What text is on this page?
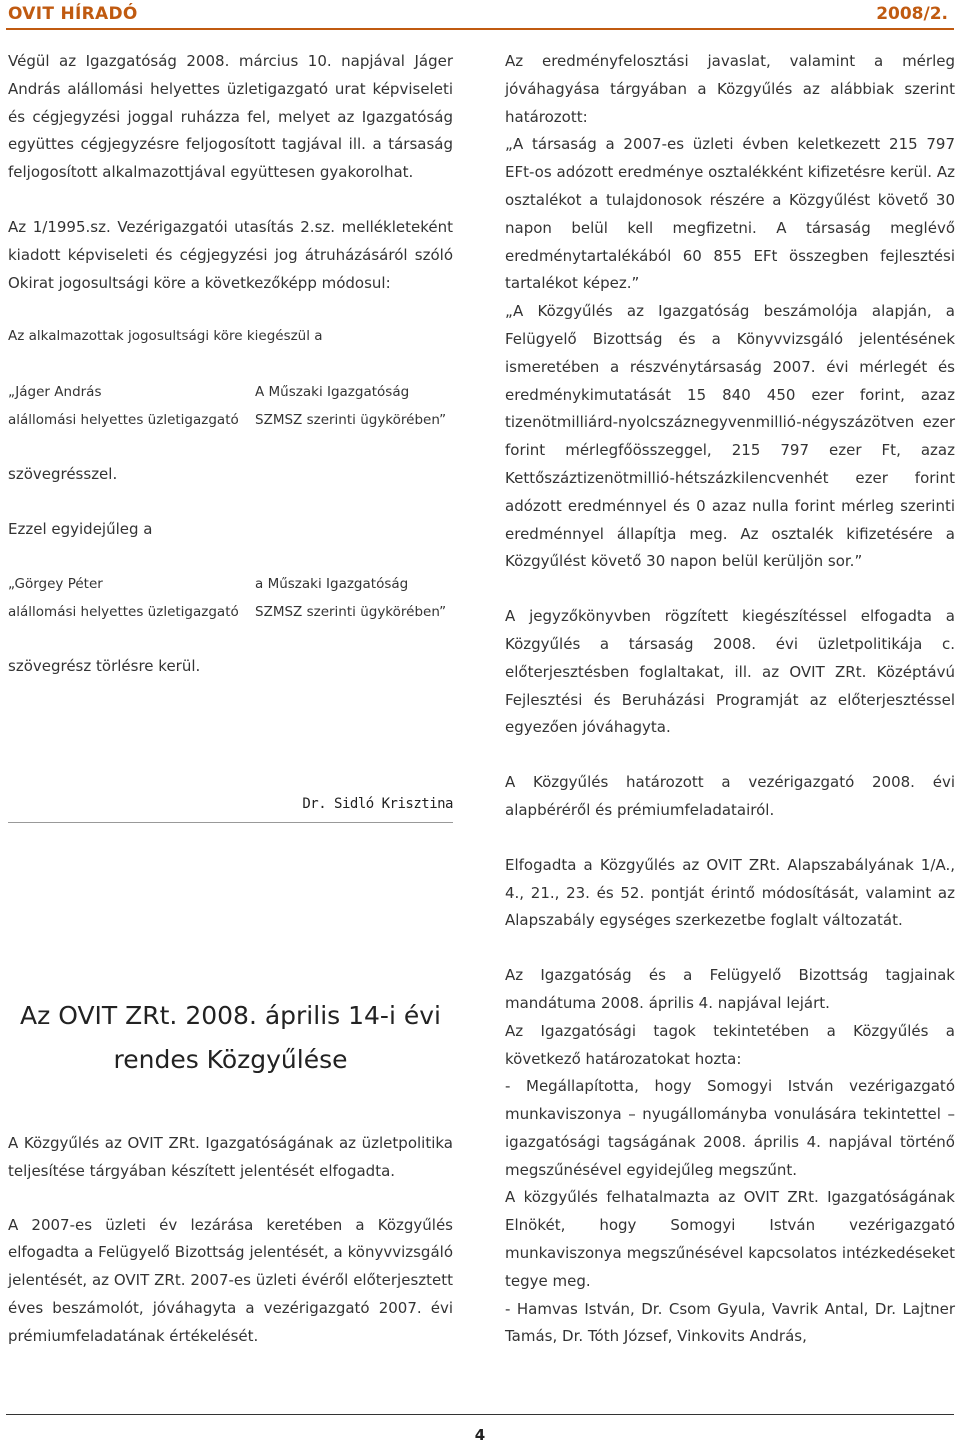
OVIT HÍRADÓ	2008/2.

Végül az Igazgatóság 2008. március 10. napjával Jáger András alállomási helyettes üzletigazgató urat képviseleti és cégjegyzési joggal ruházza fel, melyet az Igazgatóság együttes cégjegyzésre feljogosított tagjával ill. a társaság feljogosított alkalmazottjával együttesen gyakorolhat.

Az 1/1995.sz. Vezérigazgatói utasítás 2.sz. mellékleteként kiadott képviseleti és cégjegyzési jog átruházásáról szóló Okirat jogosultsági köre a következőképp módosul:

Az alkalmazottak jogosultsági köre kiegészül a

„Jáger András	A Műszaki Igazgatóság
alállomási helyettes üzletigazgató	SZMSZ szerinti ügykörében”

szövegrésszel.

Ezzel egyidejűleg a

„Görgey Péter	a Műszaki Igazgatóság
alállomási helyettes üzletigazgató	SZMSZ szerinti ügykörében”

szövegrész törlésre kerül.

Dr. Sidló Krisztina
Az OVIT ZRt. 2008. április 14-i évi
rendes Közgyűlése

A Közgyűlés az OVIT ZRt. Igazgatóságának az üzletpolitika teljesítése tárgyában készített jelentését elfogadta.

A 2007-es üzleti év lezárása keretében a Közgyűlés elfogadta a Felügyelő Bizottság jelentését, a könyvvizsgáló jelentését, az OVIT ZRt. 2007-es üzleti évéről előterjesztett éves beszámolót, jóváhagyta a vezérigazgató 2007. évi prémiumfeladatának értékelését.

Az eredményfelosztási javaslat, valamint a mérleg jóváhagyása tárgyában a Közgyűlés az alábbiak szerint határozott:

„A társaság a 2007-es üzleti évben keletkezett 215 797 EFt-os adózott eredménye osztalékként kifizetésre kerül. Az osztalékot a tulajdonosok részére a Közgyűlést követő 30 napon belül kell megfizetni. A társaság meglévő eredménytartalékából 60 855 EFt összegben fejlesztési tartalékot képez.”

„A Közgyűlés az Igazgatóság beszámolója alapján, a Felügyelő Bizottság és a Könyvvizsgáló jelentésének ismeretében a részvénytársaság 2007. évi mérlegét és eredménykimutatását 15 840 450 ezer forint, azaz tizenötmilliárd-nyolcszáznegyvenmillió-négyszázötven ezer forint mérlegfőösszeggel, 215 797 ezer Ft, azaz Kettőszáztizenötmillió-hétszázkilencvenhét ezer forint adózott eredménnyel és 0 azaz nulla forint mérleg szerinti eredménnyel állapítja meg. Az osztalék kifizetésére a Közgyűlést követő 30 napon belül kerüljön sor.”

A jegyzőkönyvben rögzített kiegészítéssel elfogadta a Közgyűlés a társaság 2008. évi üzletpolitikája c. előterjesztésben foglaltakat, ill. az OVIT ZRt. Középtávú Fejlesztési és Beruházási Programját az előterjesztéssel egyezően jóváhagyta.

A Közgyűlés határozott a vezérigazgató 2008. évi alapbéréről és prémiumfeladatairól.

Elfogadta a Közgyűlés az OVIT ZRt. Alapszabályának 1/A., 4., 21., 23. és 52. pontját érintő módosítását, valamint az Alapszabály egységes szerkezetbe foglalt változatát.

Az Igazgatóság és a Felügyelő Bizottság tagjainak mandátuma 2008. április 4. napjával lejárt.

Az Igazgatósági tagok tekintetében a Közgyűlés a következő határozatokat hozta:

- Megállapította, hogy Somogyi István vezérigazgató munkaviszonya – nyugállományba vonulására tekintettel – igazgatósági tagságának 2008. április 4. napjával történő megszűnésével egyidejűleg megszűnt.

A közgyűlés felhatalmazta az OVIT ZRt. Igazgatóságának Elnökét, hogy Somogyi István vezérigazgató munkaviszonya megszűnésével kapcsolatos intézkedéseket tegye meg.

- Hamvas István, Dr. Csom Gyula, Vavrik Antal, Dr. Lajtner Tamás, Dr. Tóth József, Vinkovits András,

4
